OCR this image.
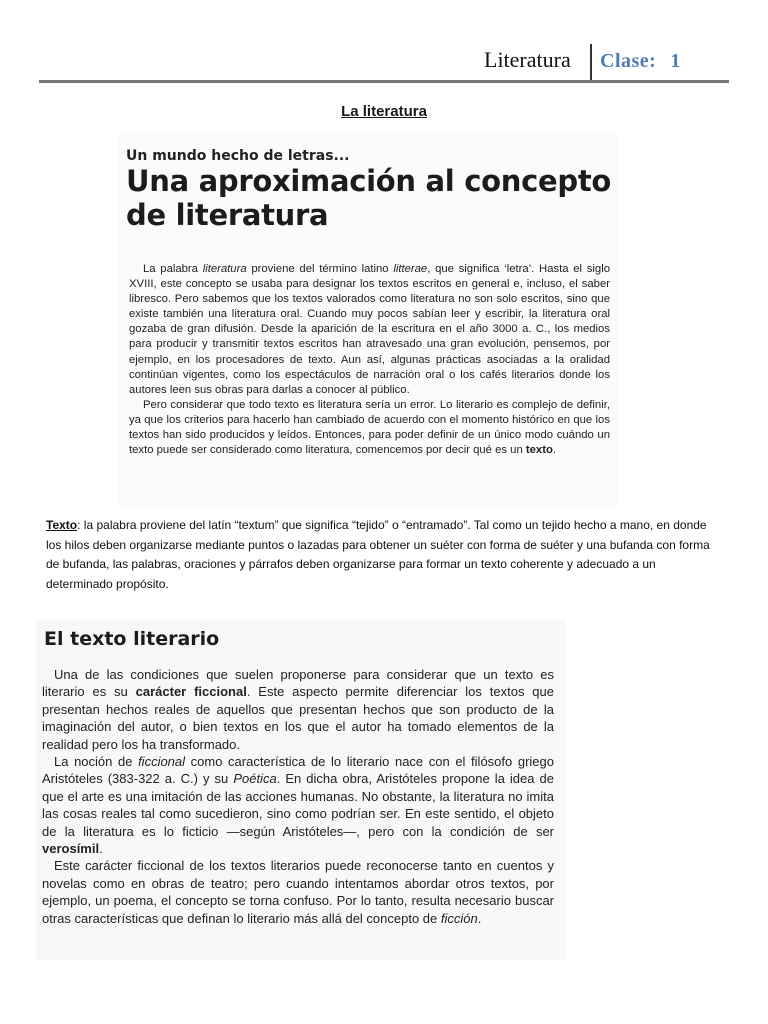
Literatura Clase: 1
La literatura
Un mundo hecho de letras...
Una aproximación al concepto de literatura

La palabra literatura proviene del término latino litterae, que significa ‘letra’. Hasta el siglo XVIII, este concepto se usaba para designar los textos escritos en general e, incluso, el saber libresco. Pero sabemos que los textos valorados como literatura no son solo escritos, sino que existe también una literatura oral. Cuando muy pocos sabían leer y escribir, la literatura oral gozaba de gran difusión. Desde la aparición de la escritura en el año 3000 a. C., los medios para producir y transmitir textos escritos han atravesado una gran evolución, pensemos, por ejemplo, en los procesadores de texto. Aun así, algunas prácticas asociadas a la oralidad continúan vigentes, como los espectáculos de narración oral o los cafés literarios donde los autores leen sus obras para darlas a conocer al público.

Pero considerar que todo texto es literatura sería un error. Lo literario es complejo de definir, ya que los criterios para hacerlo han cambiado de acuerdo con el momento histórico en que los textos han sido producidos y leídos. Entonces, para poder definir de un único modo cuándo un texto puede ser considerado como literatura, comencemos por decir qué es un texto.

Texto: la palabra proviene del latín “textum” que significa “tejido” o “entramado”. Tal como un tejido hecho a mano, en donde los hilos deben organizarse mediante puntos o lazadas para obtener un suéter con forma de suéter y una bufanda con forma de bufanda, las palabras, oraciones y párrafos deben organizarse para formar un texto coherente y adecuado a un determinado propósito.
El texto literario

Una de las condiciones que suelen proponerse para considerar que un texto es literario es su carácter ficcional. Este aspecto permite diferenciar los textos que presentan hechos reales de aquellos que presentan hechos que son producto de la imaginación del autor, o bien textos en los que el autor ha tomado elementos de la realidad pero los ha transformado.

La noción de ficcional como característica de lo literario nace con el filósofo griego Aristóteles (383-322 a. C.) y su Poética. En dicha obra, Aristóteles propone la idea de que el arte es una imitación de las acciones humanas. No obstante, la literatura no imita las cosas reales tal como sucedieron, sino como podrían ser. En este sentido, el objeto de la literatura es lo ficticio —según Aristóteles—, pero con la condición de ser verosímil.

Este carácter ficcional de los textos literarios puede reconocerse tanto en cuentos y novelas como en obras de teatro; pero cuando intentamos abordar otros textos, por ejemplo, un poema, el concepto se torna confuso. Por lo tanto, resulta necesario buscar otras características que definan lo literario más allá del concepto de ficción.
